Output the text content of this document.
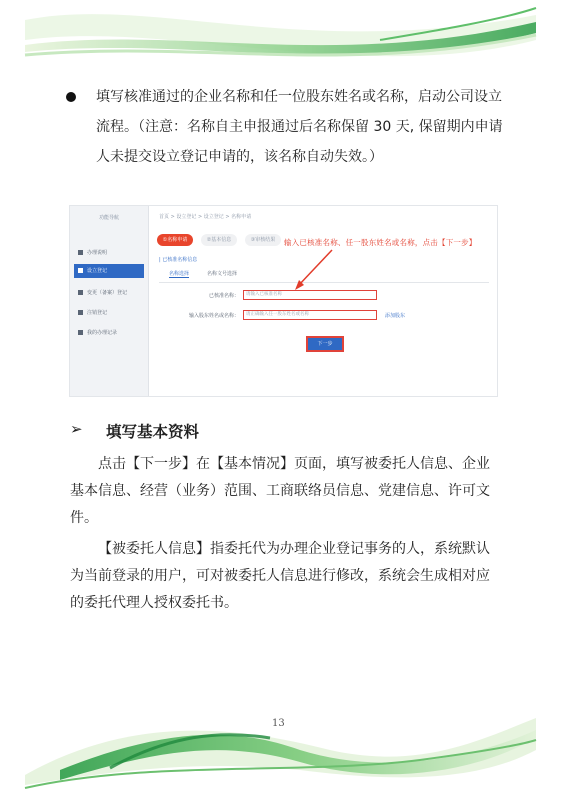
填写核准通过的企业名称和任一位股东姓名或名称，启动公司设立流程。（注意：名称自主申报通过后名称保留 30 天, 保留期内申请人未提交设立登记申请的，该名称自动失效。）
功能导航
办理说明
设立登记
变更（备案）登记
注销登记
我的办理记录
首页 > 设立登记 > 设立登记 > 名称申请
①名称申请	②基本信息	③审核结果
| 已核准名称信息
名称选择	名称文号选择
已核准名称：	请输入已核准名称
输入股东姓名或名称：	请正确输入任一股东姓名或名称	添加股东
下一步
输入已核准名称、任一股东姓名或名称，点击【下一步】
➢ 填写基本资料
点击【下一步】在【基本情况】页面，填写被委托人信息、企业基本信息、经营（业务）范围、工商联络员信息、党建信息、许可文件。
【被委托人信息】指委托代为办理企业登记事务的人，系统默认为当前登录的用户，可对被委托人信息进行修改，系统会生成相对应的委托代理人授权委托书。
13
